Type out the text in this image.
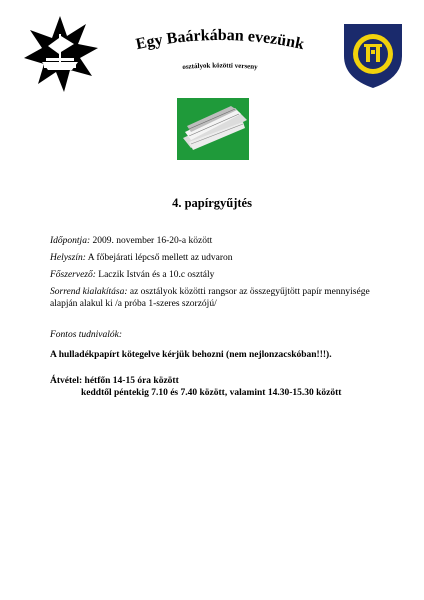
Egy Baárkában evezünk
osztályok közötti verseny
4. papírgyűjtés
Időpontja: 2009. november 16-20-a között
Helyszín: A főbejárati lépcső mellett az udvaron
Főszervező: Laczik István és a 10.c osztály
Sorrend kialakítása: az osztályok közötti rangsor az összegyűjtött papír mennyisége alapján alakul ki /a próba 1-szeres szorzójú/
Fontos tudnivalók:
A hulladékpapírt kötegelve kérjük behozni (nem nejlonzacskóban!!!).
Átvétel: hétfőn 14-15 óra között
keddtől péntekig 7.10 és 7.40 között, valamint 14.30-15.30 között
